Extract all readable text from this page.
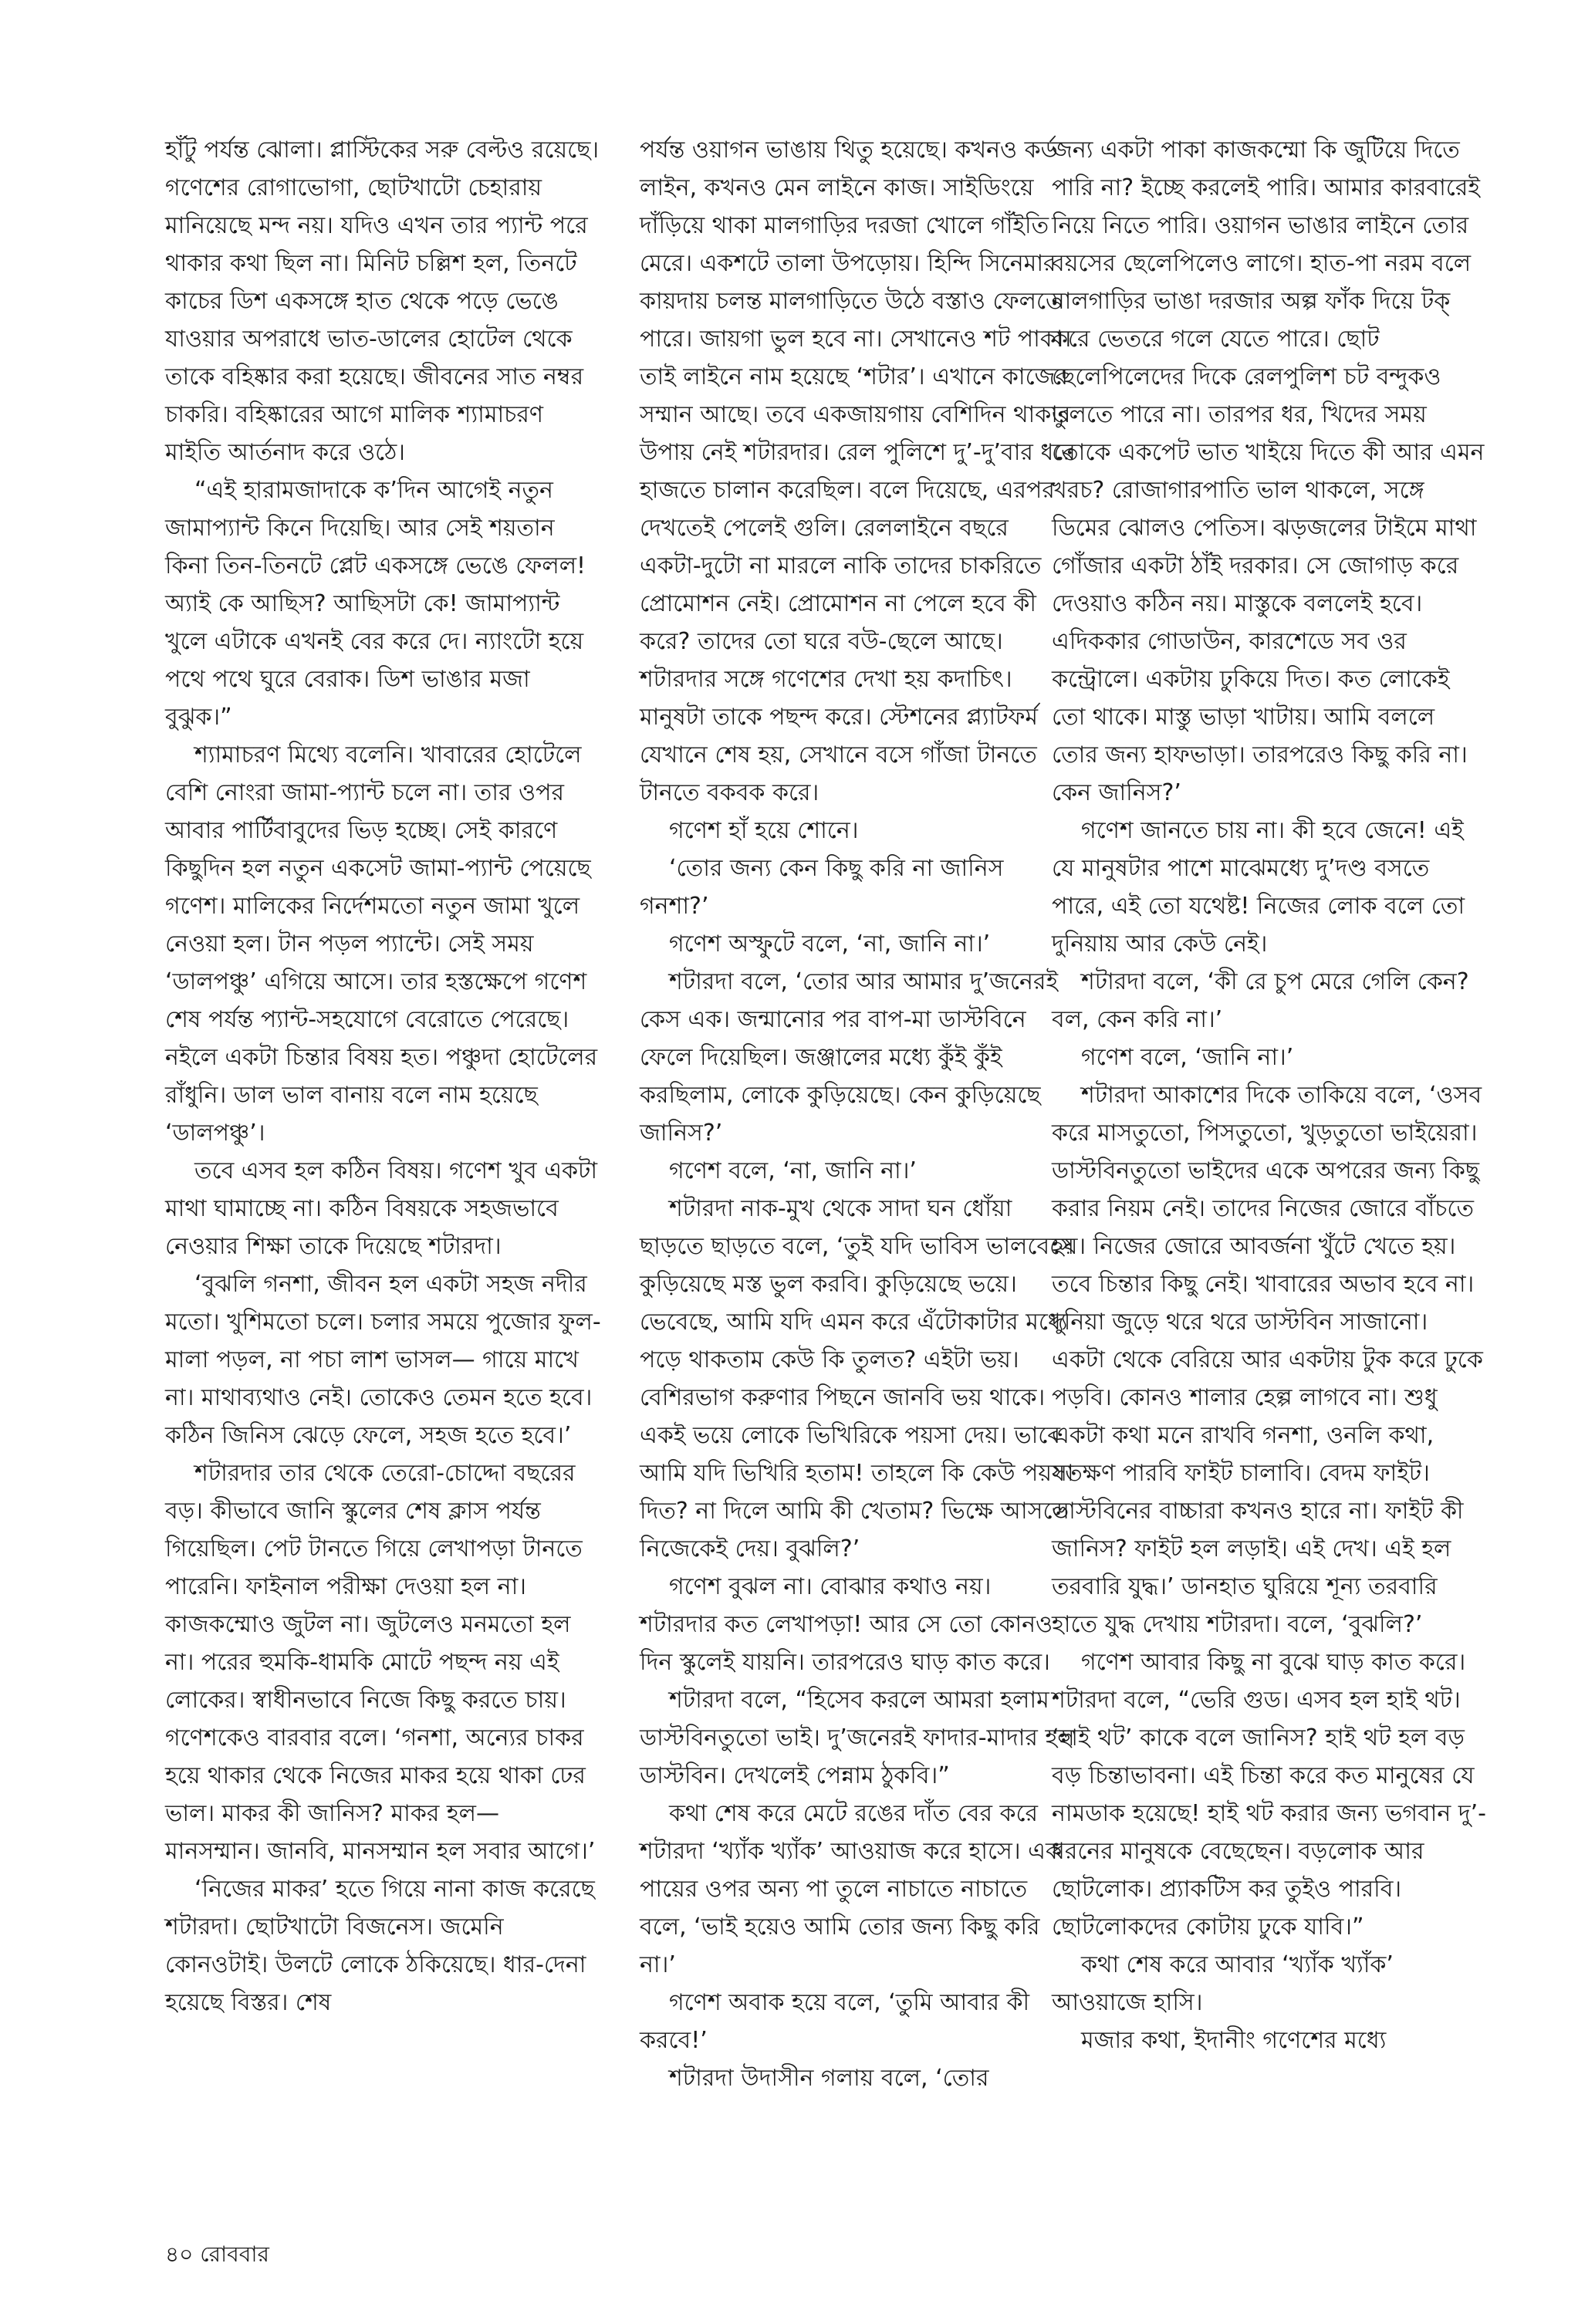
হাঁটু পর্যন্ত ঝোলা। প্লাস্টিকের সরু বেল্টও রয়েছে। গণেশের রোগাভোগা, ছোটখাটো চেহারায় মানিয়েছে মন্দ নয়। যদিও এখন তার প্যান্ট পরে থাকার কথা ছিল না। মিনিট চল্লিশ হল, তিনটে কাচের ডিশ একসঙ্গে হাত থেকে পড়ে ভেঙে যাওয়ার অপরাধে ভাত-ডালের হোটেল থেকে তাকে বহিষ্কার করা হয়েছে। জীবনের সাত নম্বর চাকরি। বহিষ্কারের আগে মালিক শ্যামাচরণ মাইতি আর্তনাদ করে ওঠে।

“এই হারামজাদাকে ক’দিন আগেই নতুন জামাপ্যান্ট কিনে দিয়েছি। আর সেই শয়তান কিনা তিন-তিনটে প্লেট একসঙ্গে ভেঙে ফেলল! অ্যাই কে আছিস? আছিসটা কে! জামাপ্যান্ট খুলে এটাকে এখনই বের করে দে। ন্যাংটো হয়ে পথে পথে ঘুরে বেরাক। ডিশ ভাঙার মজা বুঝুক।”

শ্যামাচরণ মিথ্যে বলেনি। খাবারের হোটেলে বেশি নোংরা জামা-প্যান্ট চলে না। তার ওপর আবার পার্টিবাবুদের ভিড় হচ্ছে। সেই কারণে কিছুদিন হল নতুন একসেট জামা-প্যান্ট পেয়েছে গণেশ। মালিকের নির্দেশমতো নতুন জামা খুলে নেওয়া হল। টান পড়ল প্যান্টে। সেই সময় ‘ডালপঞ্চু’ এগিয়ে আসে। তার হস্তক্ষেপে গণেশ শেষ পর্যন্ত প্যান্ট-সহযোগে বেরোতে পেরেছে। নইলে একটা চিন্তার বিষয় হত। পঞ্চুদা হোটেলের রাঁধুনি। ডাল ভাল বানায় বলে নাম হয়েছে ‘ডালপঞ্চু’।

তবে এসব হল কঠিন বিষয়। গণেশ খুব একটা মাথা ঘামাচ্ছে না। কঠিন বিষয়কে সহজভাবে নেওয়ার শিক্ষা তাকে দিয়েছে শটারদা।

‘বুঝলি গনশা, জীবন হল একটা সহজ নদীর মতো। খুশিমতো চলে। চলার সময়ে পুজোর ফুল-মালা পড়ল, না পচা লাশ ভাসল— গায়ে মাখে না। মাথাব্যথাও নেই। তোকেও তেমন হতে হবে। কঠিন জিনিস ঝেড়ে ফেলে, সহজ হতে হবে।’

শটারদার তার থেকে তেরো-চোদ্দো বছরের বড়। কীভাবে জানি স্কুলের শেষ ক্লাস পর্যন্ত গিয়েছিল। পেট টানতে গিয়ে লেখাপড়া টানতে পারেনি। ফাইনাল পরীক্ষা দেওয়া হল না। কাজকম্মোও জুটল না। জুটলেও মনমতো হল না। পরের হুমকি-ধামকি মোটে পছন্দ নয় এই লোকের। স্বাধীনভাবে নিজে কিছু করতে চায়। গণেশকেও বারবার বলে। ‘গনশা, অন্যের চাকর হয়ে থাকার থেকে নিজের মাকর হয়ে থাকা ঢের ভাল। মাকর কী জানিস? মাকর হল— মানসম্মান। জানবি, মানসম্মান হল সবার আগে।’

‘নিজের মাকর’ হতে গিয়ে নানা কাজ করেছে শটারদা। ছোটখাটো বিজনেস। জমেনি কোনওটাই। উলটে লোকে ঠকিয়েছে। ধার-দেনা হয়েছে বিস্তর। শেষ

পর্যন্ত ওয়াগন ভাঙায় থিতু হয়েছে। কখনও কর্ড লাইন, কখনও মেন লাইনে কাজ। সাইডিংয়ে দাঁড়িয়ে থাকা মালগাড়ির দরজা খোলে গাঁইতি মেরে। একশটে তালা উপড়োয়। হিন্দি সিনেমার কায়দায় চলন্ত মালগাড়িতে উঠে বস্তাও ফেলতে পারে। জায়গা ভুল হবে না। সেখানেও শট পাকা। তাই লাইনে নাম হয়েছে ‘শটার’। এখানে কাজের সম্মান আছে। তবে একজায়গায় বেশিদিন থাকার উপায় নেই শটারদার। রেল পুলিশে দু’-দু’বার ধরে হাজতে চালান করেছিল। বলে দিয়েছে, এরপর দেখতেই পেলেই গুলি। রেললাইনে বছরে একটা-দুটো না মারলে নাকি তাদের চাকরিতে প্রোমোশন নেই। প্রোমোশন না পেলে হবে কী করে? তাদের তো ঘরে বউ-ছেলে আছে। শটারদার সঙ্গে গণেশের দেখা হয় কদাচিৎ। মানুষটা তাকে পছন্দ করে। স্টেশনের প্ল্যাটফর্ম যেখানে শেষ হয়, সেখানে বসে গাঁজা টানতে টানতে বকবক করে।

গণেশ হাঁ হয়ে শোনে।

‘তোর জন্য কেন কিছু করি না জানিস গনশা?’

গণেশ অস্ফুটে বলে, ‘না, জানি না।’

শটারদা বলে, ‘তোর আর আমার দু’জনেরই কেস এক। জন্মানোর পর বাপ-মা ডাস্টবিনে ফেলে দিয়েছিল। জঞ্জালের মধ্যে কুঁই কুঁই করছিলাম, লোকে কুড়িয়েছে। কেন কুড়িয়েছে জানিস?’

গণেশ বলে, ‘না, জানি না।’

শটারদা নাক-মুখ থেকে সাদা ঘন ধোঁয়া ছাড়তে ছাড়তে বলে, ‘তুই যদি ভাবিস ভালবেসে কুড়িয়েছে মস্ত ভুল করবি। কুড়িয়েছে ভয়ে। ভেবেছে, আমি যদি এমন করে এঁটোকাটার মধ্যে পড়ে থাকতাম কেউ কি তুলত? এইটা ভয়। বেশিরভাগ করুণার পিছনে জানবি ভয় থাকে। একই ভয়ে লোকে ভিখিরিকে পয়সা দেয়। ভাবে আমি যদি ভিখিরি হতাম! তাহলে কি কেউ পয়সা দিত? না দিলে আমি কী খেতাম? ভিক্ষে আসলে নিজেকেই দেয়। বুঝলি?’

গণেশ বুঝল না। বোঝার কথাও নয়। শটারদার কত লেখাপড়া! আর সে তো কোনও দিন স্কুলেই যায়নি। তারপরেও ঘাড় কাত করে।

শটারদা বলে, “হিসেব করলে আমরা হলাম ডাস্টবিনতুতো ভাই। দু’জনেরই ফাদার-মাদার হল ডাস্টবিন। দেখলেই পেন্নাম ঠুকবি।”

কথা শেষ করে মেটে রঙের দাঁত বের করে শটারদা ‘খ্যাঁক খ্যাঁক’ আওয়াজ করে হাসে। এক পায়ের ওপর অন্য পা তুলে নাচাতে নাচাতে বলে, ‘ভাই হয়েও আমি তোর জন্য কিছু করি না।’

গণেশ অবাক হয়ে বলে, ‘তুমি আবার কী করবে!’

শটারদা উদাসীন গলায় বলে, ‘তোর

জন্য একটা পাকা কাজকম্মো কি জুটিয়ে দিতে পারি না? ইচ্ছে করলেই পারি। আমার কারবারেই নিয়ে নিতে পারি। ওয়াগন ভাঙার লাইনে তোর বয়সের ছেলেপিলেও লাগে। হাত-পা নরম বলে মালগাড়ির ভাঙা দরজার অল্প ফাঁক দিয়ে টক্‌ করে ভেতরে গলে যেতে পারে। ছোট ছেলেপিলেদের দিকে রেলপুলিশ চট বন্দুকও তুলতে পারে না। তারপর ধর, খিদের সময় তোকে একপেট ভাত খাইয়ে দিতে কী আর এমন খরচ? রোজাগারপাতি ভাল থাকলে, সঙ্গে ডিমের ঝোলও পেতিস। ঝড়জলের টাইমে মাথা গোঁজার একটা ঠাঁই দরকার। সে জোগাড় করে দেওয়াও কঠিন নয়। মাস্তুকে বললেই হবে। এদিককার গোডাউন, কারশেডে সব ওর কন্ট্রোলে। একটায় ঢুকিয়ে দিত। কত লোকেই তো থাকে। মাস্তু ভাড়া খাটায়। আমি বললে তোর জন্য হাফভাড়া। তারপরেও কিছু করি না। কেন জানিস?’

গণেশ জানতে চায় না। কী হবে জেনে! এই যে মানুষটার পাশে মাঝেমধ্যে দু’দণ্ড বসতে পারে, এই তো যথেষ্ট! নিজের লোক বলে তো দুনিয়ায় আর কেউ নেই।

শটারদা বলে, ‘কী রে চুপ মেরে গেলি কেন? বল, কেন করি না।’

গণেশ বলে, ‘জানি না।’

শটারদা আকাশের দিকে তাকিয়ে বলে, ‘ওসব করে মাসতুতো, পিসতুতো, খুড়তুতো ভাইয়েরা। ডাস্টবিনতুতো ভাইদের একে অপরের জন্য কিছু করার নিয়ম নেই। তাদের নিজের জোরে বাঁচতে হয়। নিজের জোরে আবর্জনা খুঁটে খেতে হয়। তবে চিন্তার কিছু নেই। খাবারের অভাব হবে না। দুনিয়া জুড়ে থরে থরে ডাস্টবিন সাজানো। একটা থেকে বেরিয়ে আর একটায় টুক করে ঢুকে পড়বি। কোনও শালার হেল্প লাগবে না। শুধু একটা কথা মনে রাখবি গনশা, ওনলি কথা, যতক্ষণ পারবি ফাইট চালাবি। বেদম ফাইট। ডাস্টবিনের বাচ্চারা কখনও হারে না। ফাইট কী জানিস? ফাইট হল লড়াই। এই দেখ। এই হল তরবারি যুদ্ধ।’ ডানহাত ঘুরিয়ে শূন্য তরবারি হাতে যুদ্ধ দেখায় শটারদা। বলে, ‘বুঝলি?’

গণেশ আবার কিছু না বুঝে ঘাড় কাত করে। শটারদা বলে, “ভেরি গুড। এসব হল হাই থট। ‘হাই থট’ কাকে বলে জানিস? হাই থট হল বড় বড় চিন্তাভাবনা। এই চিন্তা করে কত মানুষের যে নামডাক হয়েছে! হাই থট করার জন্য ভগবান দু’-ধরনের মানুষকে বেছেছেন। বড়লোক আর ছোটলোক। প্র্যাকটিস কর তুইও পারবি। ছোটলোকদের কোটায় ঢুকে যাবি।”

কথা শেষ করে আবার ‘খ্যাঁক খ্যাঁক’ আওয়াজে হাসি।

মজার কথা, ইদানীং গণেশের মধ্যে

৪০ রোববার
